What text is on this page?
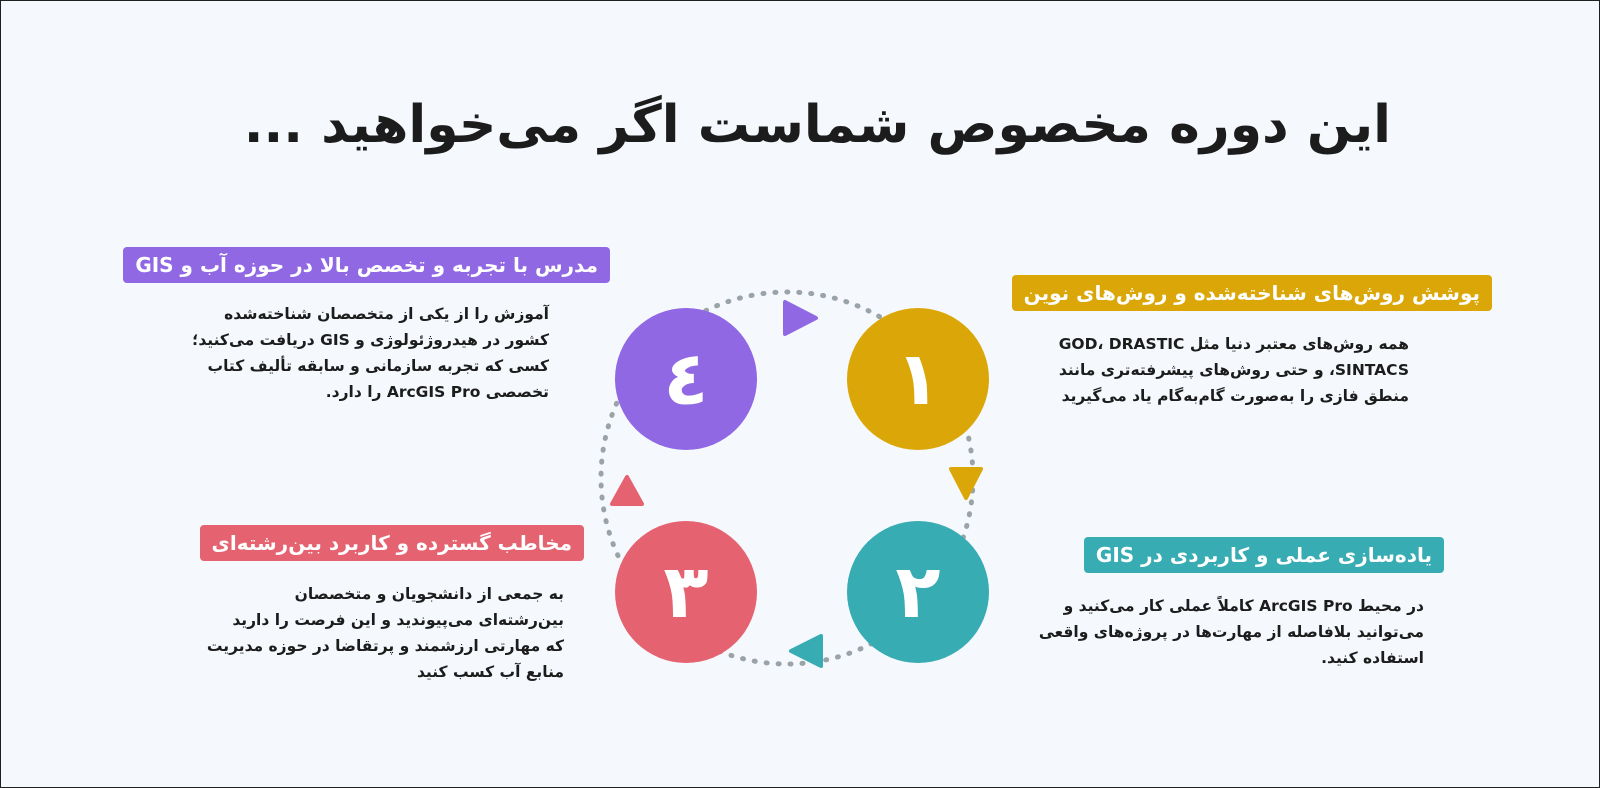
این دوره مخصوص شماست اگر می‌خواهید ...
۱
۲
۳
٤
پوشش روش‌های شناخته‌شده و روش‌های نوین
همه روش‌های معتبر دنیا مثل GOD، DRASTIC
SINTACS، و حتی روش‌های پیشرفته‌تری مانند
منطق فازی را به‌صورت گام‌به‌گام یاد می‌گیرید
یاده‌سازی عملی و کاربردی در GIS
در محیط ArcGIS Pro کاملاً عملی کار می‌کنید و
می‌توانید بلافاصله از مهارت‌ها در پروژه‌های واقعی
استفاده کنید.
مخاطب گسترده و کاربرد بین‌رشته‌ای
به جمعی از دانشجویان و متخصصان
بین‌رشته‌ای می‌پیوندید و این فرصت را دارید
که مهارتی ارزشمند و پرتقاضا در حوزه مدیریت
منابع آب کسب کنید
مدرس با تجربه و تخصص بالا در حوزه آب و GIS
آموزش را از یکی از متخصصان شناخته‌شده
کشور در هیدروژئولوژی و GIS دریافت می‌کنید؛
کسی که تجربه سازمانی و سابقه تألیف کتاب
تخصصی ArcGIS Pro را دارد.
